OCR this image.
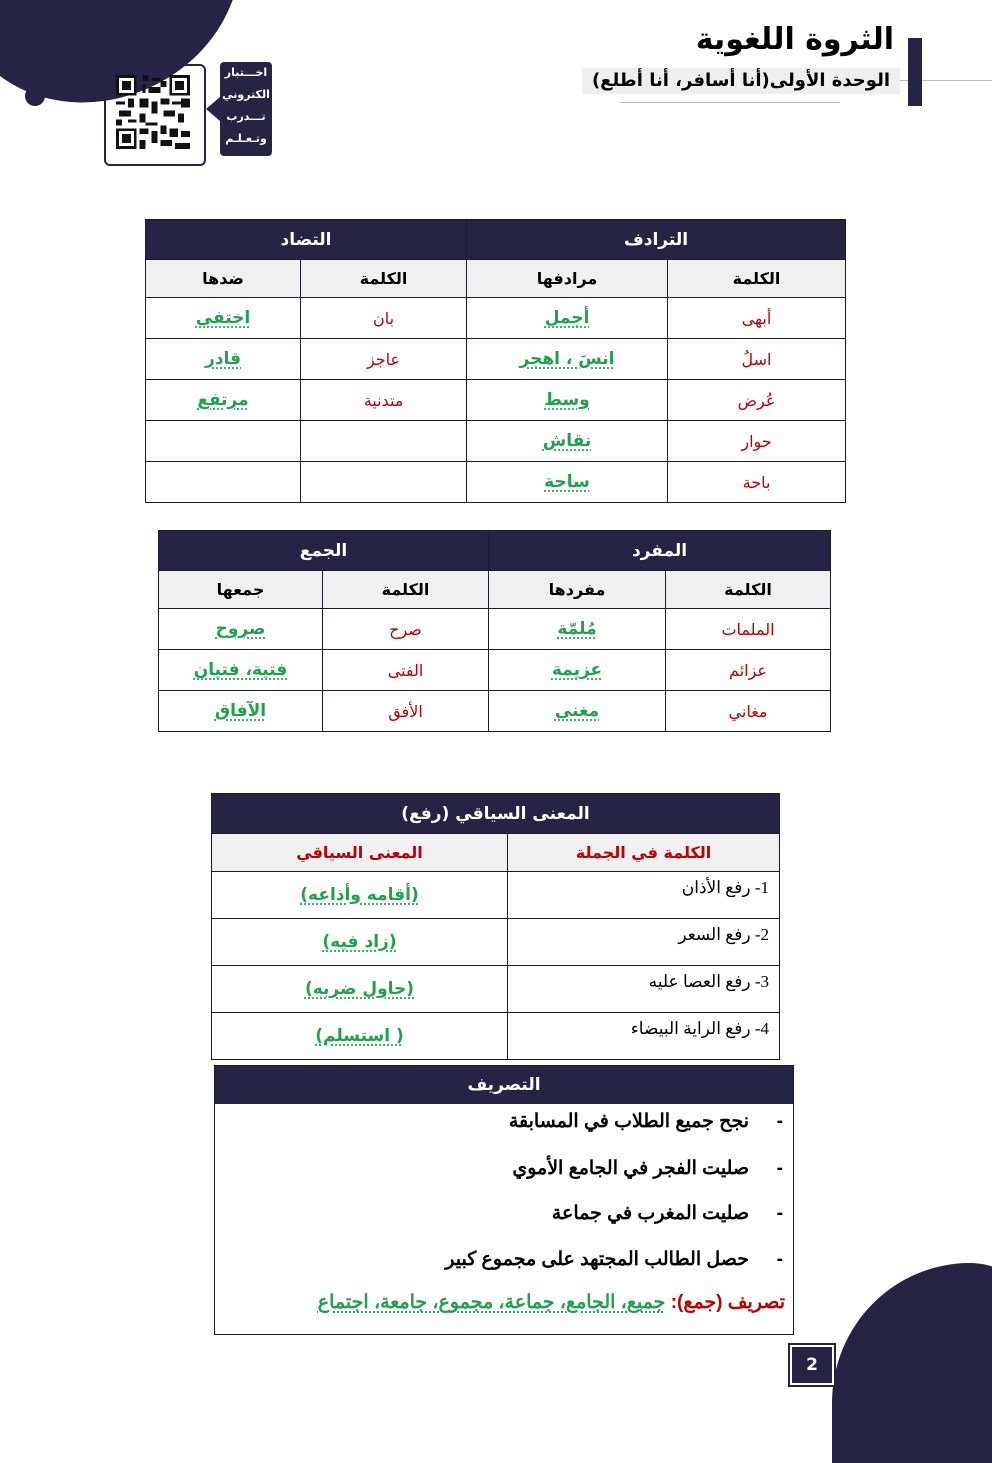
الثروة اللغوية
الوحدة الأولى(أنا أسافر، أنا أطلع)
اخـــتبار
الكتروني
تـــدرب
وتـعـلـم
الترادف		التضاد	
الكلمة	مرادفها	الكلمة	ضدها
أبهى	أجمل	بان	اختفى
اسلُ	انسَ ، اهجر	عاجز	قادر
عُرض	وسط	متدنية	مرتفع
حوار	نقاش		
باحة	ساحة		
المفرد		الجمع	
الكلمة	مفردها	الكلمة	جمعها
الملمات	مُلمّة	صرح	صروح
عزائم	عزيمة	الفتى	فتية، فتيان
مغاني	مغنى	الأفق	الآفاق
المعنى السياقي (رفع)	
الكلمة في الجملة	المعنى السياقي
1- رفع الأذان	(أقامه وأذاعه)
2- رفع السعر	(زاد فيه)
3- رفع العصا عليه	(حاول ضربه)
4- رفع الراية البيضاء	( استسلم)
التصريف
-نجح جميع الطلاب في المسابقة
-صليت الفجر في الجامع الأموي
-صليت المغرب في جماعة
-حصل الطالب المجتهد على مجموع كبير
تصريف (جمع): جميع، الجامع، جماعة، مجموع، جامعة، اجتماع
2
